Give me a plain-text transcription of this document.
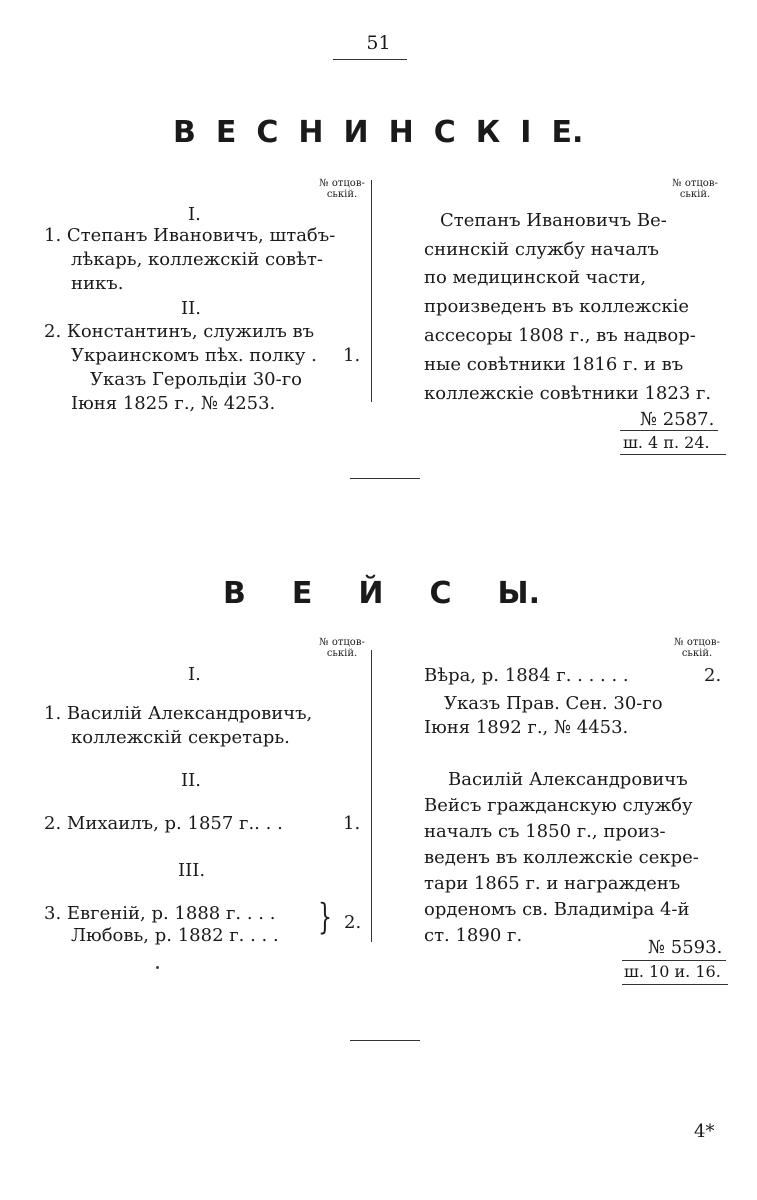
51
В Е С Н И Н С К I Е.
№ отцов-ській.
№ отцов-ській.
I.
1. Степанъ Ивановичъ, штабъ-
лѣкарь, коллежскій совѣт-
никъ.
II.
2. Константинъ, служилъ въ
Украинскомъ пѣх. полку . 1.
Указъ Герольдіи 30-го
Іюня 1825 г., № 4253.
Степанъ Ивановичъ Ве-
снинскій службу началъ
по медицинской части,
произведенъ въ коллежскіе
ассесоры 1808 г., въ надвор-
ные совѣтники 1816 г. и въ
коллежскіе совѣтники 1823 г.
№ 2587.
ш. 4 п. 24.
В Е Й С Ы.
№ отцов-ській.
№ отцов-ській.
I.
1. Василій Александровичъ,
коллежскій секретарь.
II.
2. Михаилъ, р. 1857 г.. . .	1.
III.
3. Евгеній, р. 1888 г. . . .
Любовь, р. 1882 г. . . . } 2.
Вѣра, р. 1884 г. . . . . .	2.
Указъ Прав. Сен. 30-го
Іюня 1892 г., № 4453.
Василій Александровичъ
Вейсъ гражданскую службу
началъ съ 1850 г., произ-
веденъ въ коллежскіе секре-
тари 1865 г. и награжденъ
орденомъ св. Владиміра 4-й
ст. 1890 г.
№ 5593.
ш. 10 и. 16.
4*
